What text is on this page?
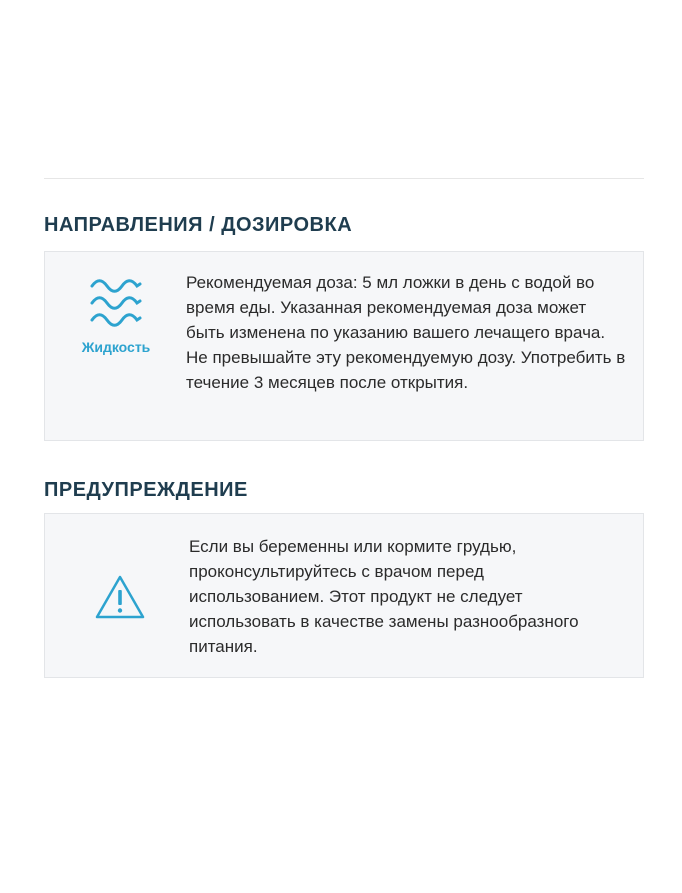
НАПРАВЛЕНИЯ / ДОЗИРОВКА
Жидкость

Рекомендуемая доза: 5 мл ложки в день с водой во время еды. Указанная рекомендуемая доза может быть изменена по указанию вашего лечащего врача. Не превышайте эту рекомендуемую дозу. Употребить в течение 3 месяцев после открытия.

ПРЕДУПРЕЖДЕНИЕ

Если вы беременны или кормите грудью, проконсультируйтесь с врачом перед использованием. Этот продукт не следует использовать в качестве замены разнообразного питания.
